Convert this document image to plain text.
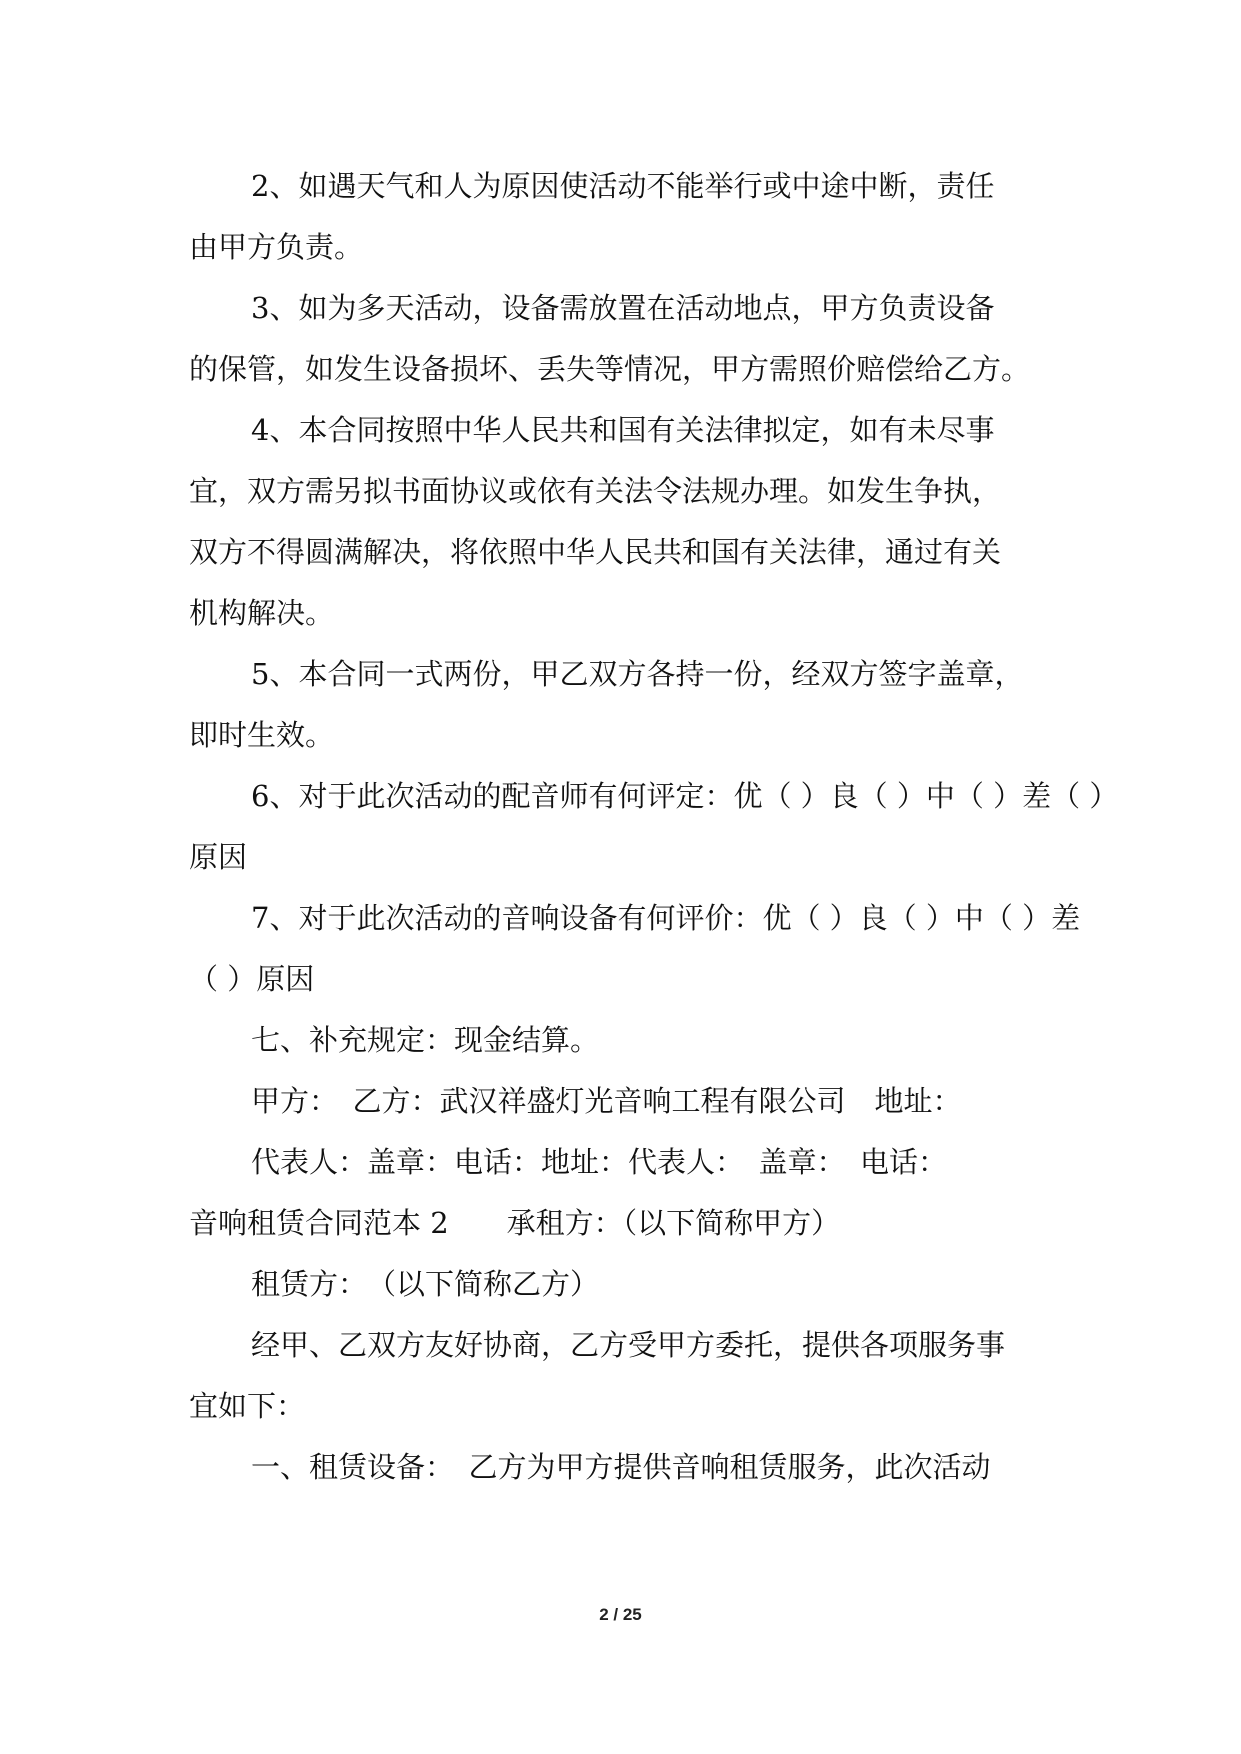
2、如遇天气和人为原因使活动不能举行或中途中断，责任
由甲方负责。
3、如为多天活动，设备需放置在活动地点，甲方负责设备
的保管，如发生设备损坏、丢失等情况，甲方需照价赔偿给乙方。
4、本合同按照中华人民共和国有关法律拟定，如有未尽事
宜，双方需另拟书面协议或依有关法令法规办理。如发生争执，
双方不得圆满解决，将依照中华人民共和国有关法律，通过有关
机构解决。
5、本合同一式两份，甲乙双方各持一份，经双方签字盖章，
即时生效。
6、对于此次活动的配音师有何评定：优（ ）良（ ）中（ ）差（ ）
原因
7、对于此次活动的音响设备有何评价：优（ ）良（ ）中（ ）差
（ ）原因
七、补充规定：现金结算。
甲方：　乙方：武汉祥盛灯光音响工程有限公司　地址：
代表人：盖章：电话：地址：代表人：　盖章：　电话：
音响租赁合同范本 2　　承租方：（以下简称甲方）
租赁方：　（以下简称乙方）
经甲、乙双方友好协商，乙方受甲方委托，提供各项服务事
宜如下：
一、租赁设备：　乙方为甲方提供音响租赁服务，此次活动
2 / 25
